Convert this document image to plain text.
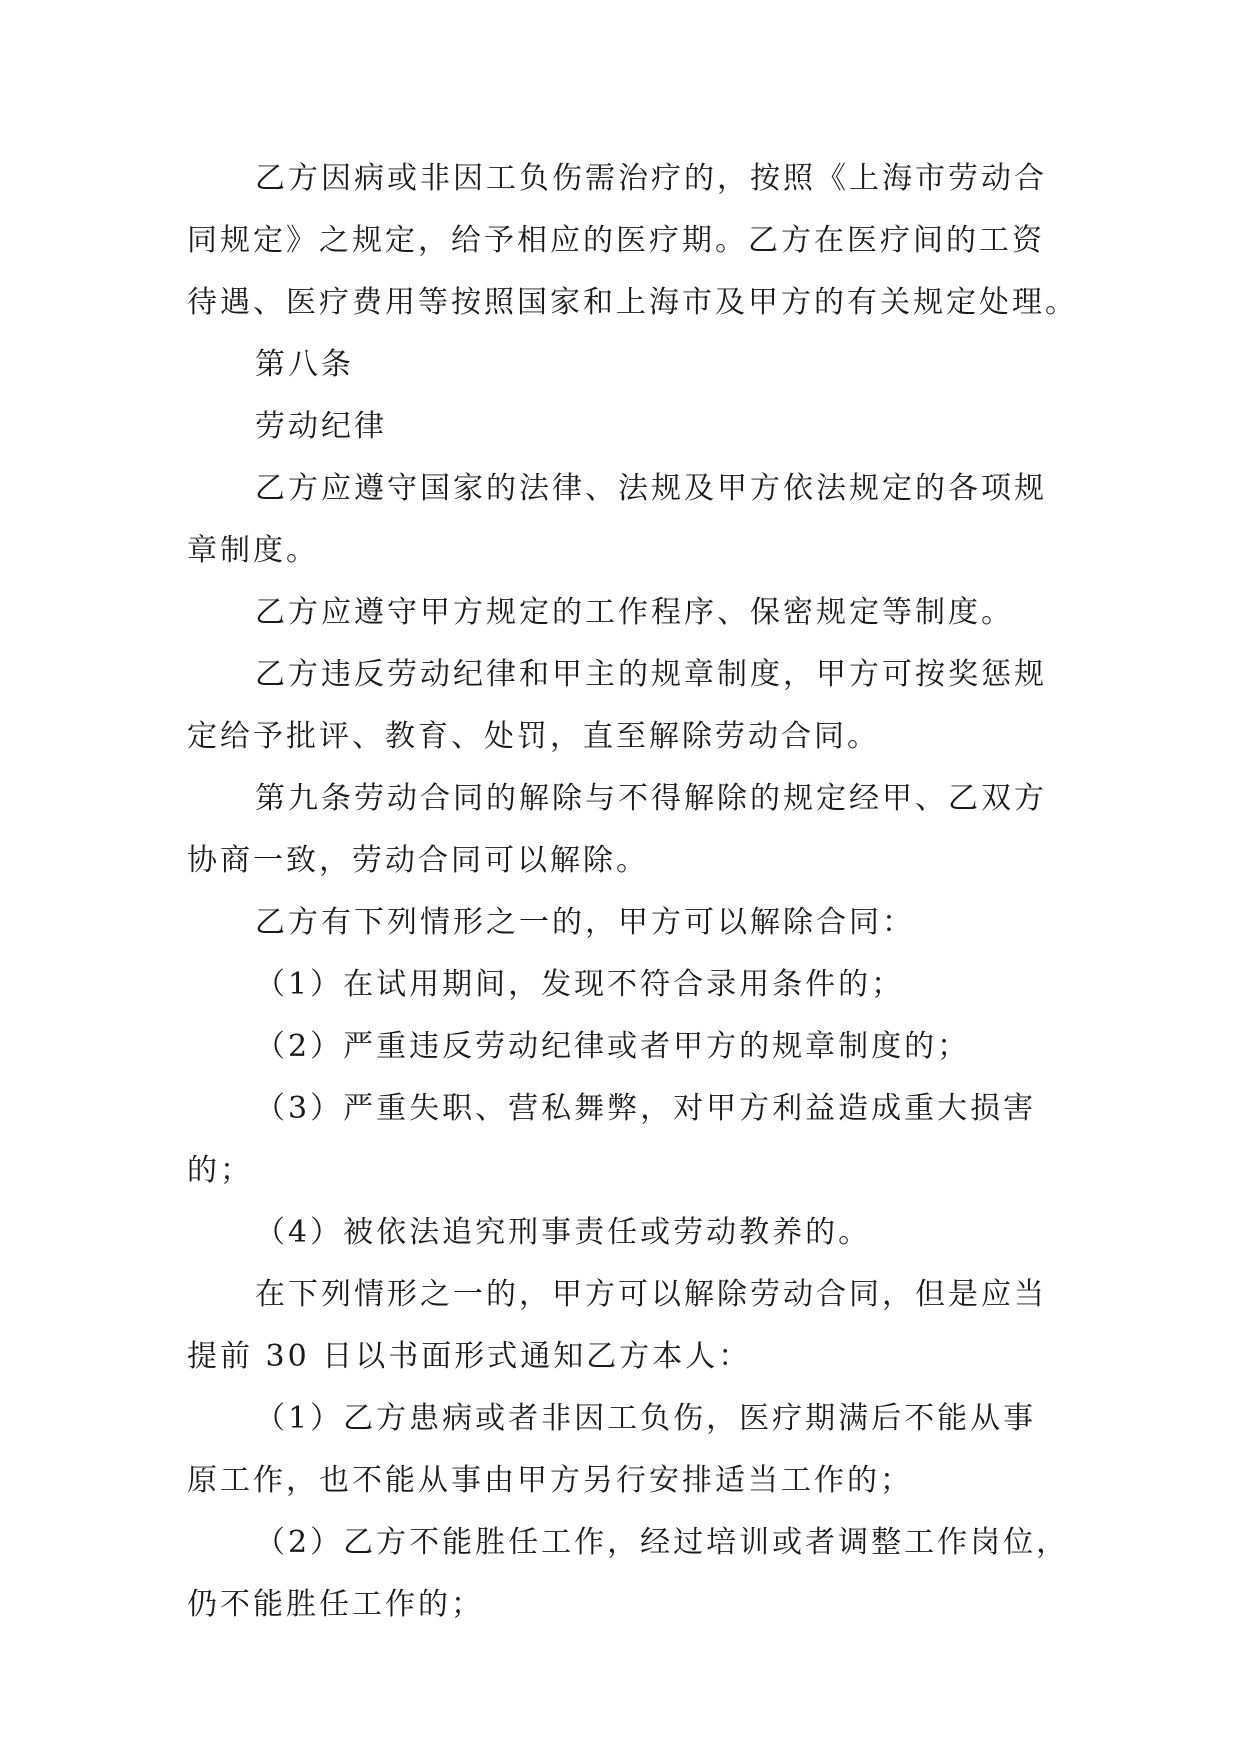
乙方因病或非因工负伤需治疗的，按照《上海市劳动合
同规定》之规定，给予相应的医疗期。乙方在医疗间的工资
待遇、医疗费用等按照国家和上海市及甲方的有关规定处理。
第八条
劳动纪律
乙方应遵守国家的法律、法规及甲方依法规定的各项规
章制度。
乙方应遵守甲方规定的工作程序、保密规定等制度。
乙方违反劳动纪律和甲主的规章制度，甲方可按奖惩规
定给予批评、教育、处罚，直至解除劳动合同。
第九条劳动合同的解除与不得解除的规定经甲、乙双方
协商一致，劳动合同可以解除。
乙方有下列情形之一的，甲方可以解除合同：
（1）在试用期间，发现不符合录用条件的；
（2）严重违反劳动纪律或者甲方的规章制度的；
（3）严重失职、营私舞弊，对甲方利益造成重大损害
的；
（4）被依法追究刑事责任或劳动教养的。
在下列情形之一的，甲方可以解除劳动合同，但是应当
提前 30 日以书面形式通知乙方本人：
（1）乙方患病或者非因工负伤，医疗期满后不能从事
原工作，也不能从事由甲方另行安排适当工作的；
（2）乙方不能胜任工作，经过培训或者调整工作岗位，
仍不能胜任工作的；
